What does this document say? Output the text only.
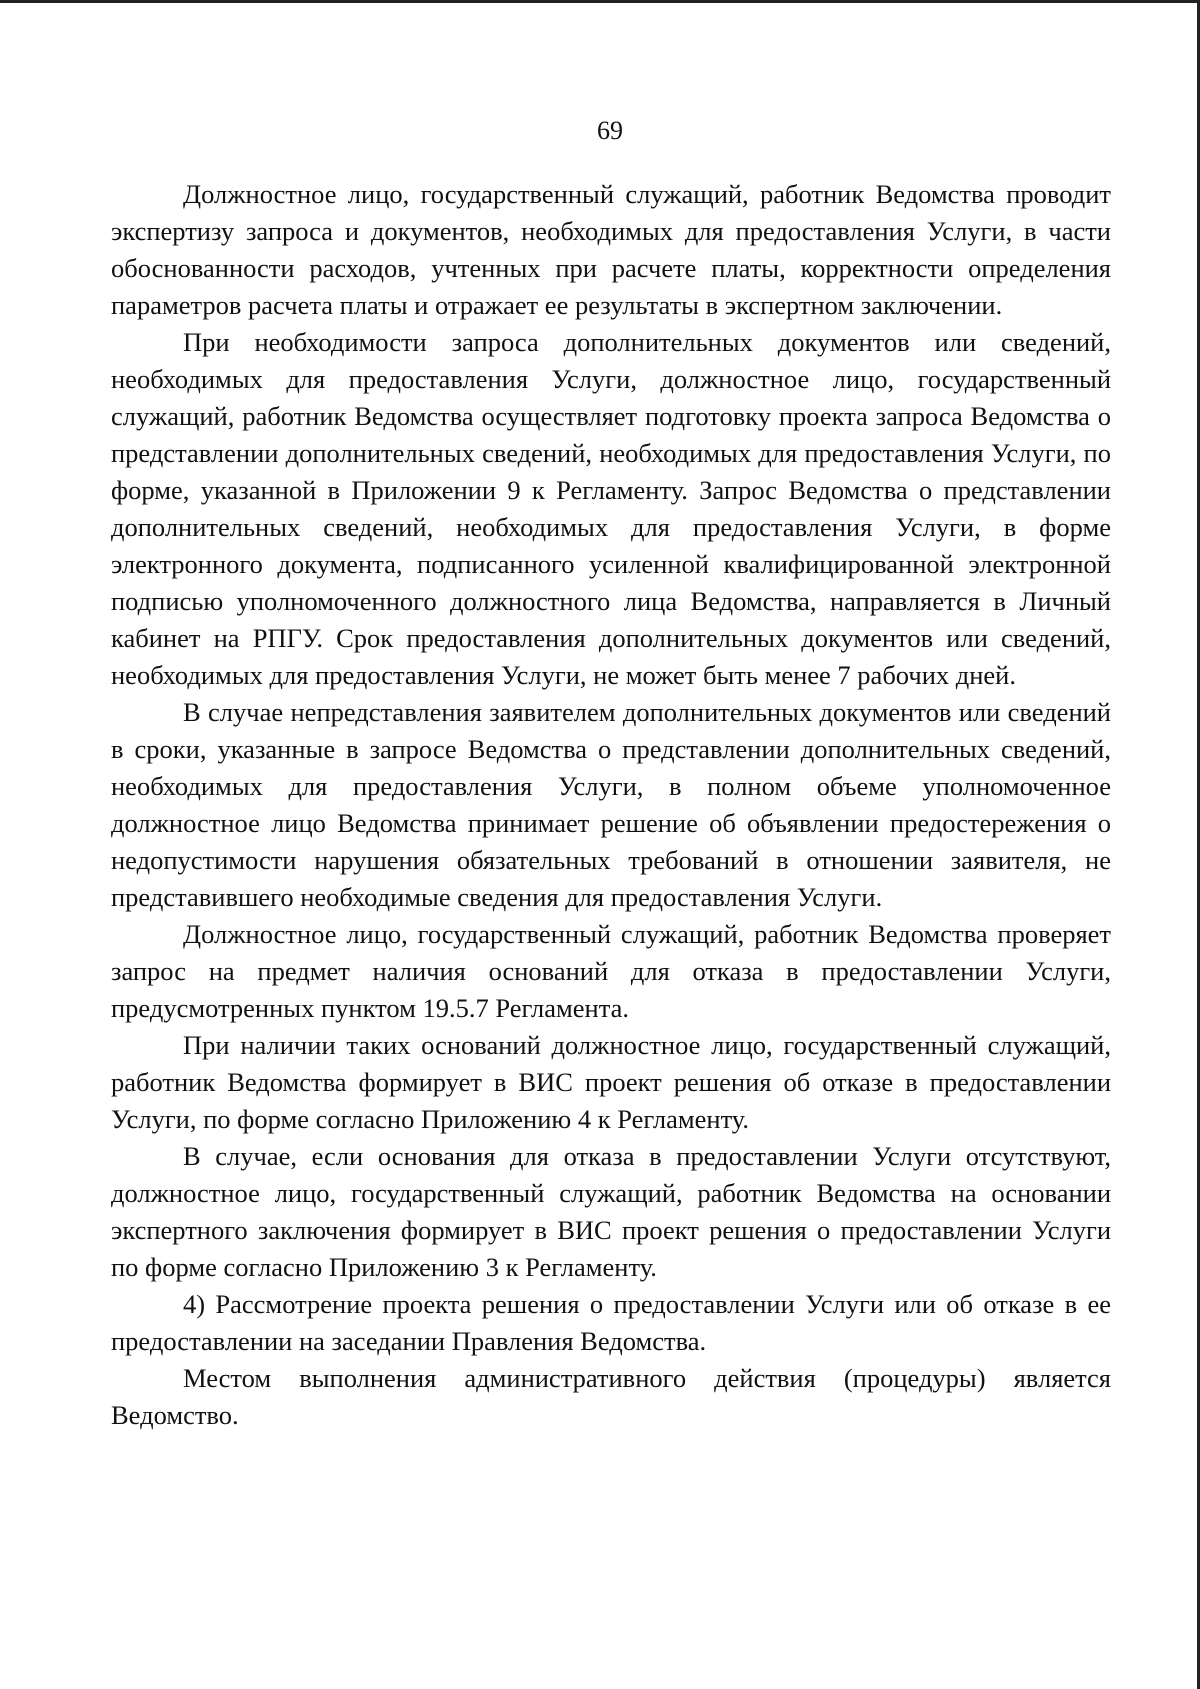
69

Должностное лицо, государственный служащий, работник Ведомства проводит экспертизу запроса и документов, необходимых для предоставления Услуги, в части обоснованности расходов, учтенных при расчете платы, корректности определения параметров расчета платы и отражает ее результаты в экспертном заключении.

При необходимости запроса дополнительных документов или сведений, необходимых для предоставления Услуги, должностное лицо, государственный служащий, работник Ведомства осуществляет подготовку проекта запроса Ведомства о представлении дополнительных сведений, необходимых для предоставления Услуги, по форме, указанной в Приложении 9 к Регламенту. Запрос Ведомства о представлении дополнительных сведений, необходимых для предоставления Услуги, в форме электронного документа, подписанного усиленной квалифицированной электронной подписью уполномоченного должностного лица Ведомства, направляется в Личный кабинет на РПГУ. Срок предоставления дополнительных документов или сведений, необходимых для предоставления Услуги, не может быть менее 7 рабочих дней.

В случае непредставления заявителем дополнительных документов или сведений в сроки, указанные в запросе Ведомства о представлении дополнительных сведений, необходимых для предоставления Услуги, в полном объеме уполномоченное должностное лицо Ведомства принимает решение об объявлении предостережения о недопустимости нарушения обязательных требований в отношении заявителя, не представившего необходимые сведения для предоставления Услуги.

Должностное лицо, государственный служащий, работник Ведомства проверяет запрос на предмет наличия оснований для отказа в предоставлении Услуги, предусмотренных пунктом 19.5.7 Регламента.

При наличии таких оснований должностное лицо, государственный служащий, работник Ведомства формирует в ВИС проект решения об отказе в предоставлении Услуги, по форме согласно Приложению 4 к Регламенту.

В случае, если основания для отказа в предоставлении Услуги отсутствуют, должностное лицо, государственный служащий, работник Ведомства на основании экспертного заключения формирует в ВИС проект решения о предоставлении Услуги по форме согласно Приложению 3 к Регламенту.

4) Рассмотрение проекта решения о предоставлении Услуги или об отказе в ее предоставлении на заседании Правления Ведомства.

Местом выполнения административного действия (процедуры) является Ведомство.
